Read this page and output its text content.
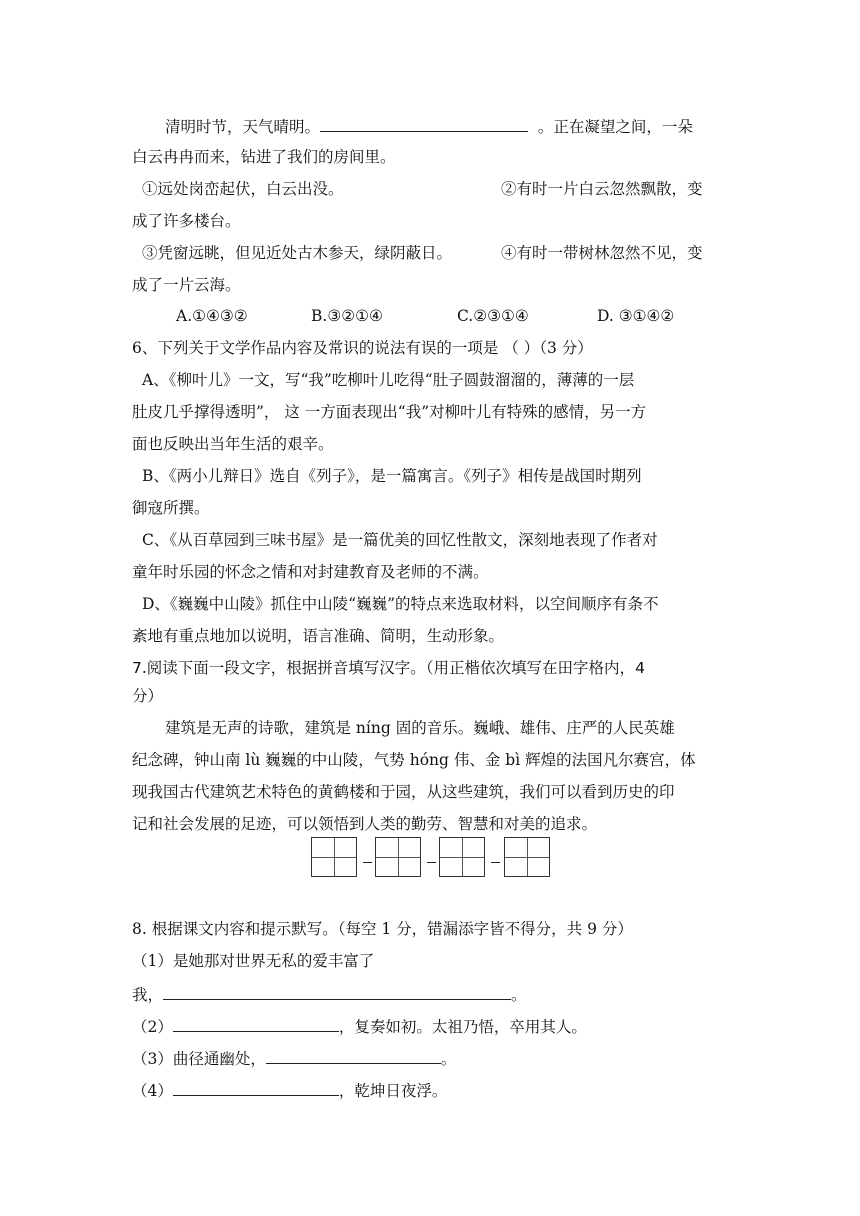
清明时节，天气晴明。	。正在凝望之间，一朵
白云冉冉而来，钻进了我们的房间里。
①远处岗峦起伏，白云出没。	②有时一片白云忽然飘散，变
成了许多楼台。
③凭窗远眺，但见近处古木参天，绿阴蔽日。	④有时一带树林忽然不见，变
成了一片云海。
A.①④③②	B.③②①④	C.②③①④	D. ③①④②
6、下列关于文学作品内容及常识的说法有误的一项是 （ ）（3 分）
A、《柳叶儿》一文，写“我”吃柳叶儿吃得“肚子圆鼓溜溜的，薄薄的一层
肚皮几乎撑得透明”， 这 一方面表现出“我”对柳叶儿有特殊的感情，另一方
面也反映出当年生活的艰辛。
B、《两小儿辩日》选自《列子》，是一篇寓言。《列子》相传是战国时期列
御寇所撰。
C、《从百草园到三味书屋》是一篇优美的回忆性散文，深刻地表现了作者对
童年时乐园的怀念之情和对封建教育及老师的不满。
D、《巍巍中山陵》抓住中山陵“巍巍”的特点来选取材料，以空间顺序有条不
紊地有重点地加以说明，语言准确、简明，生动形象。
7.阅读下面一段文字，根据拼音填写汉字。（用正楷依次填写在田字格内，4
分）
建筑是无声的诗歌，建筑是 níng 固的音乐。巍峨、雄伟、庄严的人民英雄
纪念碑，钟山南 lù 巍巍的中山陵，气势 hóng 伟、金 bì 辉煌的法国凡尔赛宫，体
现我国古代建筑艺术特色的黄鹤楼和于园，从这些建筑，我们可以看到历史的印
记和社会发展的足迹，可以领悟到人类的勤劳、智慧和对美的追求。
8. 根据课文内容和提示默写。（每空 1 分，错漏添字皆不得分，共 9 分）
（1）是她那对世界无私的爱丰富了
我，	。
（2）	，复奏如初。太祖乃悟，卒用其人。
（3）曲径通幽处，	。
（4）	，乾坤日夜浮。
